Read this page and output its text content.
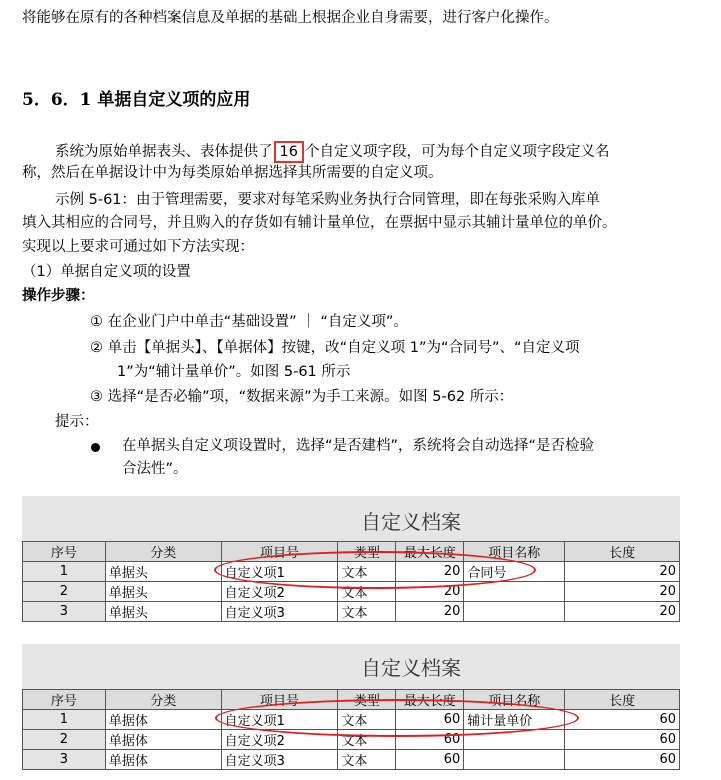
将能够在原有的各种档案信息及单据的基础上根据企业自身需要，进行客户化操作。
5．6．1 单据自定义项的应用
系统为原始单据表头、表体提供了 16 个自定义项字段，可为每个自定义项字段定义名
称，然后在单据设计中为每类原始单据选择其所需要的自定义项。
示例 5-61：由于管理需要，要求对每笔采购业务执行合同管理，即在每张采购入库单
填入其相应的合同号，并且购入的存货如有辅计量单位，在票据中显示其辅计量单位的单价。
实现以上要求可通过如下方法实现：
（1）单据自定义项的设置
操作步骤：
① 在企业门户中单击“基础设置” ｜ “自定义项”。
② 单击【单据头】、【单据体】按键，改“自定义项 1”为“合同号”、“自定义项
1”为“辅计量单价”。如图 5-61 所示
③ 选择“是否必输”项，“数据来源”为手工来源。如图 5-62 所示：
提示：
在单据头自定义项设置时，选择“是否建档”，系统将会自动选择“是否检验
合法性”。
自定义档案
序号	分类	项目号	类型	最大长度	项目名称	长度
1	单据头	自定义项1	文本	20	合同号	20
2	单据头	自定义项2	文本	20		20
3	单据头	自定义项3	文本	20		20
自定义档案
序号	分类	项目号	类型	最大长度	项目名称	长度
1	单据体	自定义项1	文本	60	辅计量单价	60
2	单据体	自定义项2	文本	60		60
3	单据体	自定义项3	文本	60		60
